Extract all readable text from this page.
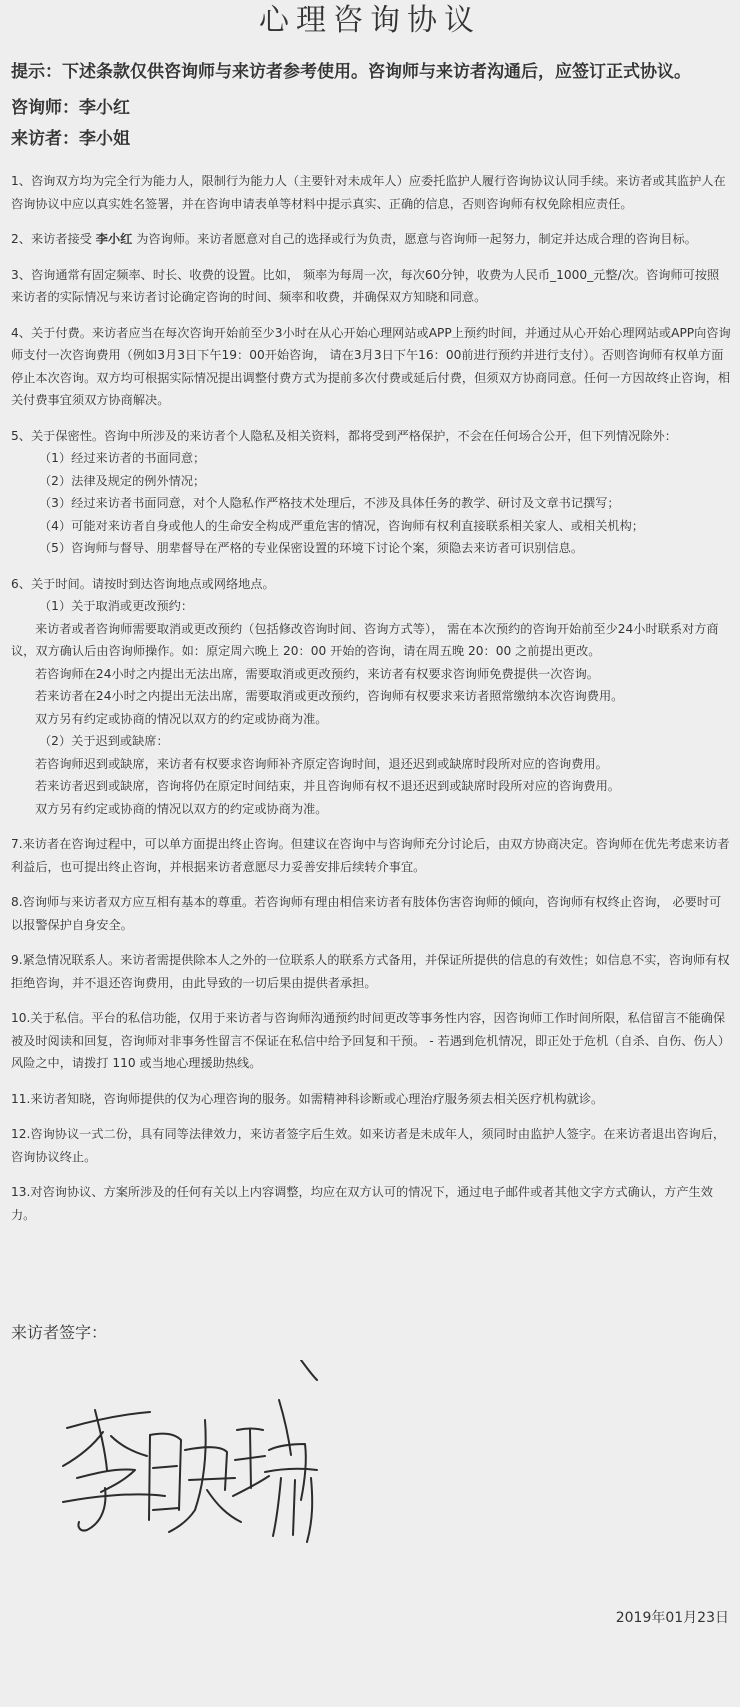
心理咨询协议

提示：下述条款仅供咨询师与来访者参考使用。咨询师与来访者沟通后，应签订正式协议。

咨询师：李小红

来访者：李小姐

1、咨询双方均为完全行为能力人，限制行为能力人（主要针对未成年人）应委托监护人履行咨询协议认同手续。来访者或其监护人在咨询协议中应以真实姓名签署，并在咨询申请表单等材料中提示真实、正确的信息，否则咨询师有权免除相应责任。

2、来访者接受 李小红 为咨询师。来访者愿意对自己的选择或行为负责，愿意与咨询师一起努力，制定并达成合理的咨询目标。

3、咨询通常有固定频率、时长、收费的设置。比如， 频率为每周一次，每次60分钟，收费为人民币_1000_元整/次。咨询师可按照来访者的实际情况与来访者讨论确定咨询的时间、频率和收费，并确保双方知晓和同意。

4、关于付费。来访者应当在每次咨询开始前至少3小时在从心开始心理网站或APP上预约时间，并通过从心开始心理网站或APP向咨询师支付一次咨询费用（例如3月3日下午19：00开始咨询， 请在3月3日下午16：00前进行预约并进行支付）。否则咨询师有权单方面停止本次咨询。双方均可根据实际情况提出调整付费方式为提前多次付费或延后付费，但须双方协商同意。任何一方因故终止咨询，相关付费事宜须双方协商解决。

5、关于保密性。咨询中所涉及的来访者个人隐私及相关资料，都将受到严格保护，不会在任何场合公开，但下列情况除外：
（1）经过来访者的书面同意；
（2）法律及规定的例外情况；
（3）经过来访者书面同意，对个人隐私作严格技术处理后，不涉及具体任务的教学、研讨及文章书记撰写；
（4）可能对来访者自身或他人的生命安全构成严重危害的情况，咨询师有权利直接联系相关家人、或相关机构；
（5）咨询师与督导、朋辈督导在严格的专业保密设置的环境下讨论个案，须隐去来访者可识别信息。

6、关于时间。请按时到达咨询地点或网络地点。
（1）关于取消或更改预约：
来访者或者咨询师需要取消或更改预约（包括修改咨询时间、咨询方式等）， 需在本次预约的咨询开始前至少24小时联系对方商议，双方确认后由咨询师操作。如：原定周六晚上 20：00 开始的咨询，请在周五晚 20：00 之前提出更改。
若咨询师在24小时之内提出无法出席，需要取消或更改预约，来访者有权要求咨询师免费提供一次咨询。
若来访者在24小时之内提出无法出席，需要取消或更改预约，咨询师有权要求来访者照常缴纳本次咨询费用。
双方另有约定或协商的情况以双方的约定或协商为准。
（2）关于迟到或缺席：
若咨询师迟到或缺席，来访者有权要求咨询师补齐原定咨询时间，退还迟到或缺席时段所对应的咨询费用。
若来访者迟到或缺席，咨询将仍在原定时间结束，并且咨询师有权不退还迟到或缺席时段所对应的咨询费用。
双方另有约定或协商的情况以双方的约定或协商为准。

7.来访者在咨询过程中，可以单方面提出终止咨询。但建议在咨询中与咨询师充分讨论后，由双方协商决定。咨询师在优先考虑来访者利益后，也可提出终止咨询，并根据来访者意愿尽力妥善安排后续转介事宜。

8.咨询师与来访者双方应互相有基本的尊重。若咨询师有理由相信来访者有肢体伤害咨询师的倾向，咨询师有权终止咨询， 必要时可以报警保护自身安全。

9.紧急情况联系人。来访者需提供除本人之外的一位联系人的联系方式备用，并保证所提供的信息的有效性；如信息不实，咨询师有权拒绝咨询，并不退还咨询费用，由此导致的一切后果由提供者承担。

10.关于私信。平台的私信功能，仅用于来访者与咨询师沟通预约时间更改等事务性内容，因咨询师工作时间所限，私信留言不能确保被及时阅读和回复，咨询师对非事务性留言不保证在私信中给予回复和干预。 - 若遇到危机情况，即正处于危机（自杀、自伤、伤人）风险之中，请拨打 110 或当地心理援助热线。

11.来访者知晓，咨询师提供的仅为心理咨询的服务。如需精神科诊断或心理治疗服务须去相关医疗机构就诊。

12.咨询协议一式二份，具有同等法律效力，来访者签字后生效。如来访者是未成年人，须同时由监护人签字。在来访者退出咨询后，咨询协议终止。

13.对咨询协议、方案所涉及的任何有关以上内容调整，均应在双方认可的情况下，通过电子邮件或者其他文字方式确认，方产生效力。

来访者签字：

2019年01月23日
